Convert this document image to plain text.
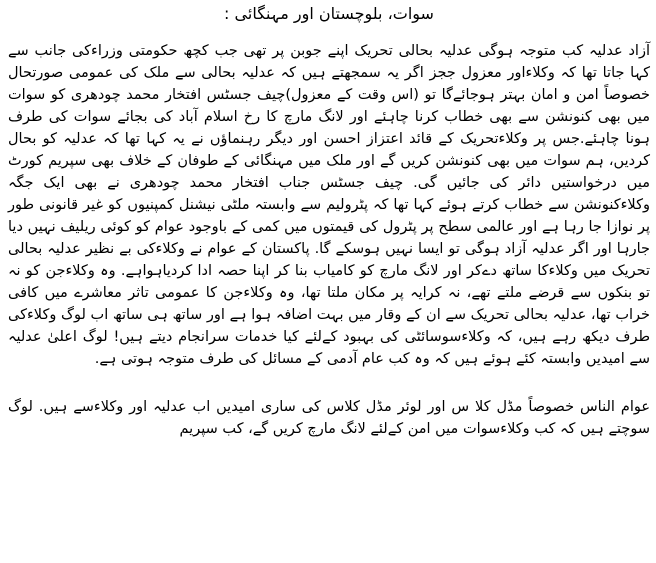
سوات، بلوچستان اور مہنگائی :

آزاد عدلیہ کب متوجہ ہوگی عدلیہ بحالی تحریک اپنے جوبن پر تھی جب کچھ حکومتی وزراءکی جانب سے کہا جاتا تھا کہ وکلاءاور معزول ججز اگر یہ سمجھتے ہیں کہ عدلیہ بحالی سے ملک کی عمومی صورتحال خصوصاً امن و امان بہتر ہوجائےگا تو (اس وقت کے معزول)چیف جسٹس افتخار محمد چودھری کو سوات میں بھی کنونشن سے بھی خطاب کرنا چاہئے اور لانگ مارچ کا رخ اسلام آباد کی بجائے سوات کی طرف ہونا چاہئے.جس پر وکلاءتحریک کے قائد اعتزاز احسن اور دیگر رہنماﺅں نے یہ کہا تھا کہ عدلیہ کو بحال کردیں، ہم سوات میں بھی کنونشن کریں گے اور ملک میں مہنگائی کے طوفان کے خلاف بھی سپریم کورٹ میں درخواستیں دائر کی جائیں گی. چیف جسٹس جناب افتخار محمد چودھری نے بھی ایک جگہ وکلاءکنونشن سے خطاب کرتے ہوئے کہا تھا کہ پٹرولیم سے وابستہ ملٹی نیشنل کمپنیوں کو غیر قانونی طور پر نوازا جا رہا ہے اور عالمی سطح پر پٹرول کی قیمتوں میں کمی کے باوجود عوام کو کوئی ریلیف نہیں دیا جارہا اور اگر عدلیہ آزاد ہوگی تو ایسا نہیں ہوسکے گا. پاکستان کے عوام نے وکلاءکی بے نظیر عدلیہ بحالی تحریک میں وکلاءکا ساتھ دےکر اور لانگ مارچ کو کامیاب بنا کر اپنا حصہ ادا کردیاہواہے. وہ وکلاءجن کو نہ تو بنکوں سے قرضے ملتے تھے، نہ کرایہ پر مکان ملتا تھا، وہ وکلاءجن کا عمومی تاثر معاشرے میں کافی خراب تھا، عدلیہ بحالی تحریک سے ان کے وقار میں بہت اضافہ ہوا ہے اور ساتھ ہی ساتھ اب لوگ وکلاءکی طرف دیکھ رہے ہیں، کہ وکلاءسوسائٹی کی بہبود کےلئے کیا خدمات سرانجام دیتے ہیں! لوگ اعلیٰ عدلیہ سے امیدیں وابستہ کئے ہوئے ہیں کہ وہ کب عام آدمی کے مسائل کی طرف متوجہ ہوتی ہے.

عوام الناس خصوصاً مڈل کلا س اور لوئر مڈل کلاس کی ساری امیدیں اب عدلیہ اور وکلاءسے ہیں. لوگ سوچتے ہیں کہ کب وکلاءسوات میں امن کےلئے لانگ مارچ کریں گے، کب سپریم
